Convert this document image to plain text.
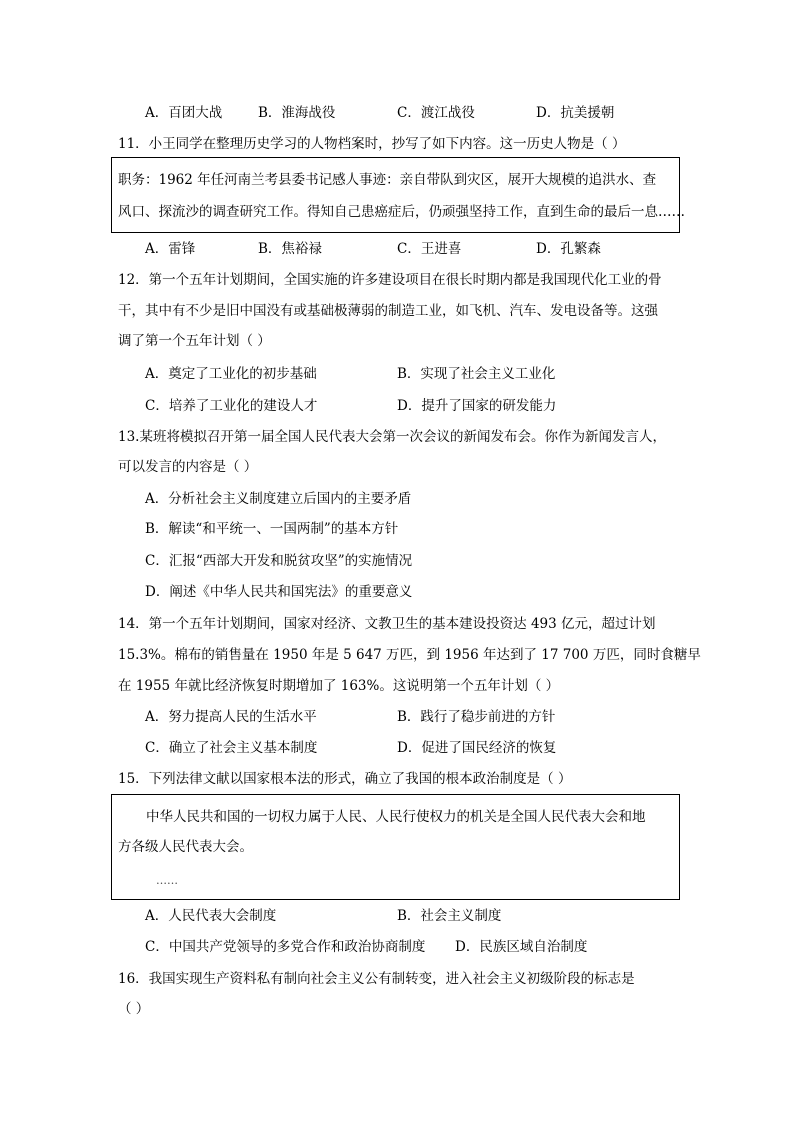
A．百团大战	B．淮海战役	C．渡江战役	D．抗美援朝
11．小王同学在整理历史学习的人物档案时，抄写了如下内容。这一历史人物是（ ）
职务：1962 年任河南兰考县委书记感人事迹：亲自带队到灾区，展开大规模的追洪水、查
风口、探流沙的调查研究工作。得知自己患癌症后，仍顽强坚持工作，直到生命的最后一息……
A．雷锋	B．焦裕禄	C．王进喜	D．孔繁森
12．第一个五年计划期间，全国实施的许多建设项目在很长时期内都是我国现代化工业的骨
干，其中有不少是旧中国没有或基础极薄弱的制造工业，如飞机、汽车、发电设备等。这强
调了第一个五年计划（ ）
A．奠定了工业化的初步基础	B．实现了社会主义工业化
C．培养了工业化的建设人才	D．提升了国家的研发能力
13.某班将模拟召开第一届全国人民代表大会第一次会议的新闻发布会。你作为新闻发言人，
可以发言的内容是（ ）
A．分析社会主义制度建立后国内的主要矛盾
B．解读“和平统一、一国两制”的基本方针
C．汇报“西部大开发和脱贫攻坚”的实施情况
D．阐述《中华人民共和国宪法》的重要意义
14．第一个五年计划期间，国家对经济、文教卫生的基本建设投资达 493 亿元，超过计划
15.3%。棉布的销售量在 1950 年是 5 647 万匹，到 1956 年达到了 17 700 万匹，同时食糖早
在 1955 年就比经济恢复时期增加了 163%。这说明第一个五年计划（ ）
A．努力提高人民的生活水平	B．践行了稳步前进的方针
C．确立了社会主义基本制度	D．促进了国民经济的恢复
15．下列法律文献以国家根本法的形式，确立了我国的根本政治制度是（ ）
中华人民共和国的一切权力属于人民、人民行使权力的机关是全国人民代表大会和地
方各级人民代表大会。
……
A．人民代表大会制度	B．社会主义制度
C．中国共产党领导的多党合作和政治协商制度 D．民族区域自治制度
16．我国实现生产资料私有制向社会主义公有制转变，进入社会主义初级阶段的标志是
（ ）
